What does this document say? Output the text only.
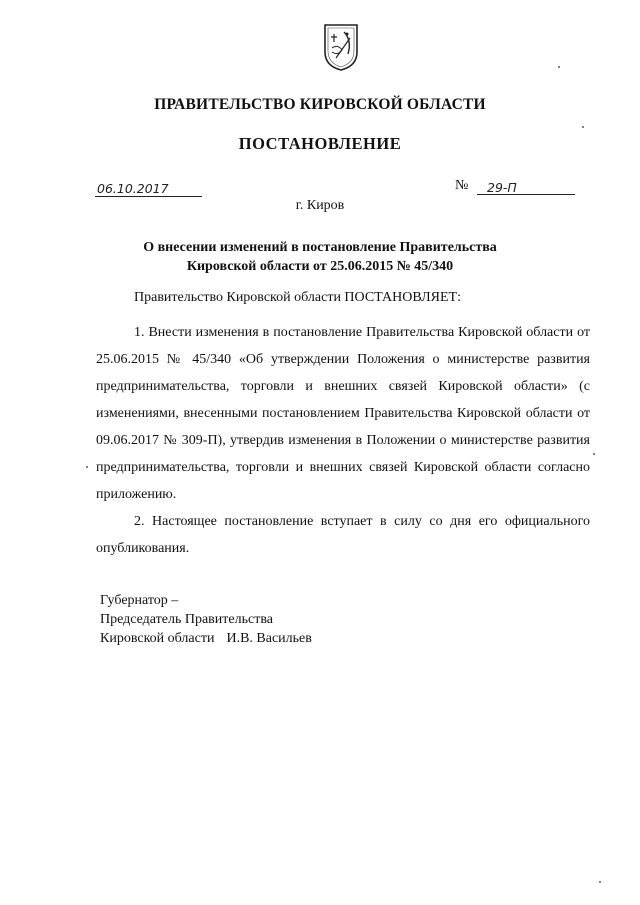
ПРАВИТЕЛЬСТВО КИРОВСКОЙ ОБЛАСТИ
ПОСТАНОВЛЕНИЕ
06.10.2017	№ 29-П
г. Киров
О внесении изменений в постановление Правительства
Кировской области от 25.06.2015 № 45/340
Правительство Кировской области ПОСТАНОВЛЯЕТ:
1. Внести изменения в постановление Правительства Кировской области от 25.06.2015 № 45/340 «Об утверждении Положения о министерстве развития предпринимательства, торговли и внешних связей Кировской области» (с изменениями, внесенными постановлением Правительства Кировской области от 09.06.2017 № 309-П), утвердив изменения в Положении о министерстве развития предпринимательства, торговли и внешних связей Кировской области согласно приложению.
2. Настоящее постановление вступает в силу со дня его официального опубликования.
Губернатор –
Председатель Правительства
Кировской области И.В. Васильев
